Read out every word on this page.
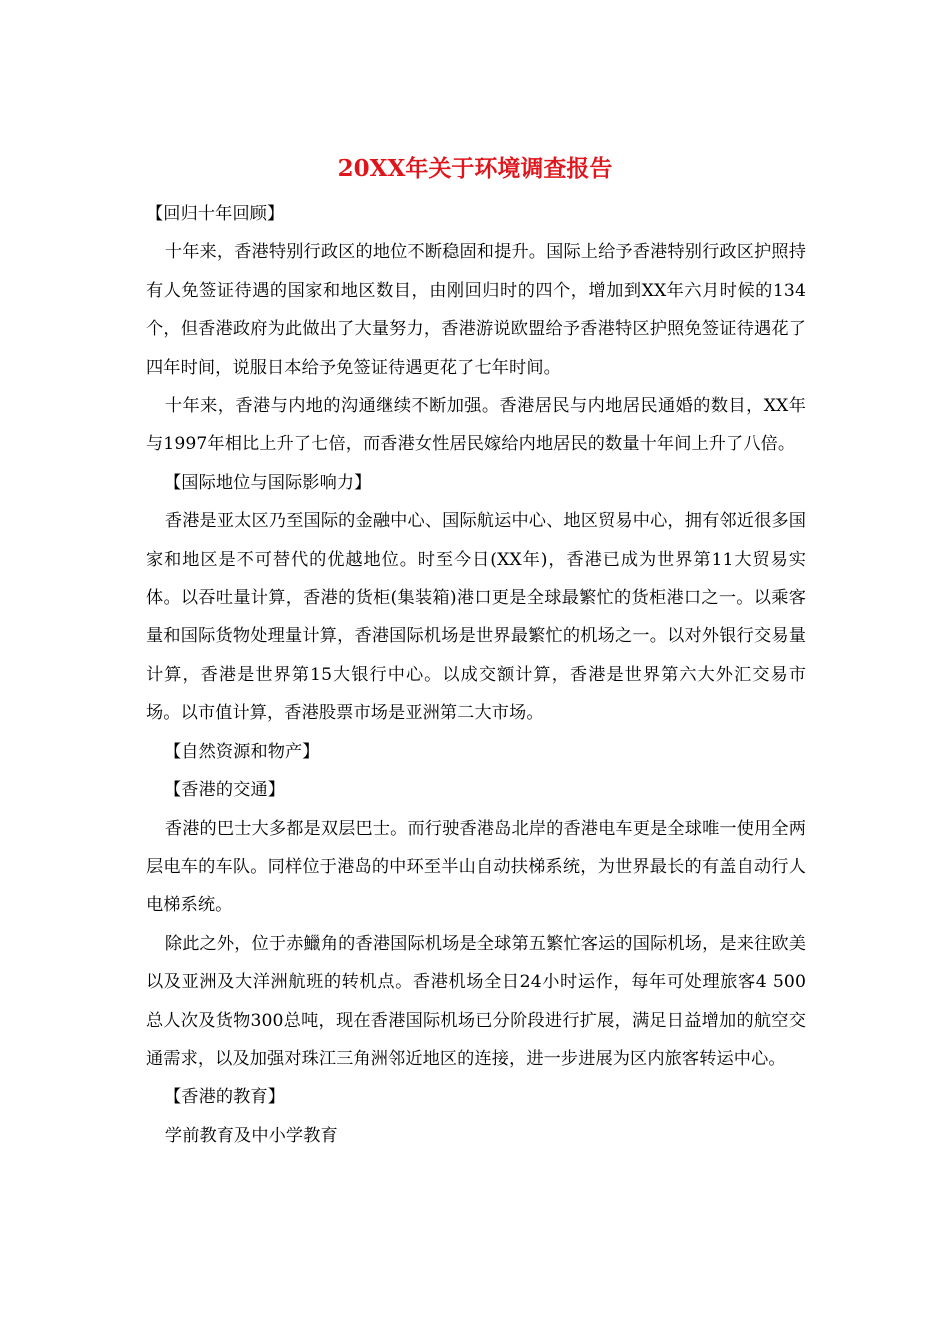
20XX年关于环境调查报告

【回归十年回顾】

十年来，香港特别行政区的地位不断稳固和提升。国际上给予香港特别行政区护照持有人免签证待遇的国家和地区数目，由刚回归时的四个，增加到XX年六月时候的134个，但香港政府为此做出了大量努力，香港游说欧盟给予香港特区护照免签证待遇花了四年时间，说服日本给予免签证待遇更花了七年时间。

十年来，香港与内地的沟通继续不断加强。香港居民与内地居民通婚的数目，XX年与1997年相比上升了七倍，而香港女性居民嫁给内地居民的数量十年间上升了八倍。

【国际地位与国际影响力】

香港是亚太区乃至国际的金融中心、国际航运中心、地区贸易中心，拥有邻近很多国家和地区是不可替代的优越地位。时至今日(XX年)，香港已成为世界第11大贸易实体。以吞吐量计算，香港的货柜(集装箱)港口更是全球最繁忙的货柜港口之一。以乘客量和国际货物处理量计算，香港国际机场是世界最繁忙的机场之一。以对外银行交易量计算，香港是世界第15大银行中心。以成交额计算，香港是世界第六大外汇交易市场。以市值计算，香港股票市场是亚洲第二大市场。

【自然资源和物产】

【香港的交通】

香港的巴士大多都是双层巴士。而行驶香港岛北岸的香港电车更是全球唯一使用全两层电车的车队。同样位于港岛的中环至半山自动扶梯系统，为世界最长的有盖自动行人电梯系统。

除此之外，位于赤鱲角的香港国际机场是全球第五繁忙客运的国际机场，是来往欧美以及亚洲及大洋洲航班的转机点。香港机场全日24小时运作，每年可处理旅客4 500 总人次及货物300总吨，现在香港国际机场已分阶段进行扩展，满足日益增加的航空交通需求，以及加强对珠江三角洲邻近地区的连接，进一步进展为区内旅客转运中心。

【香港的教育】

学前教育及中小学教育
